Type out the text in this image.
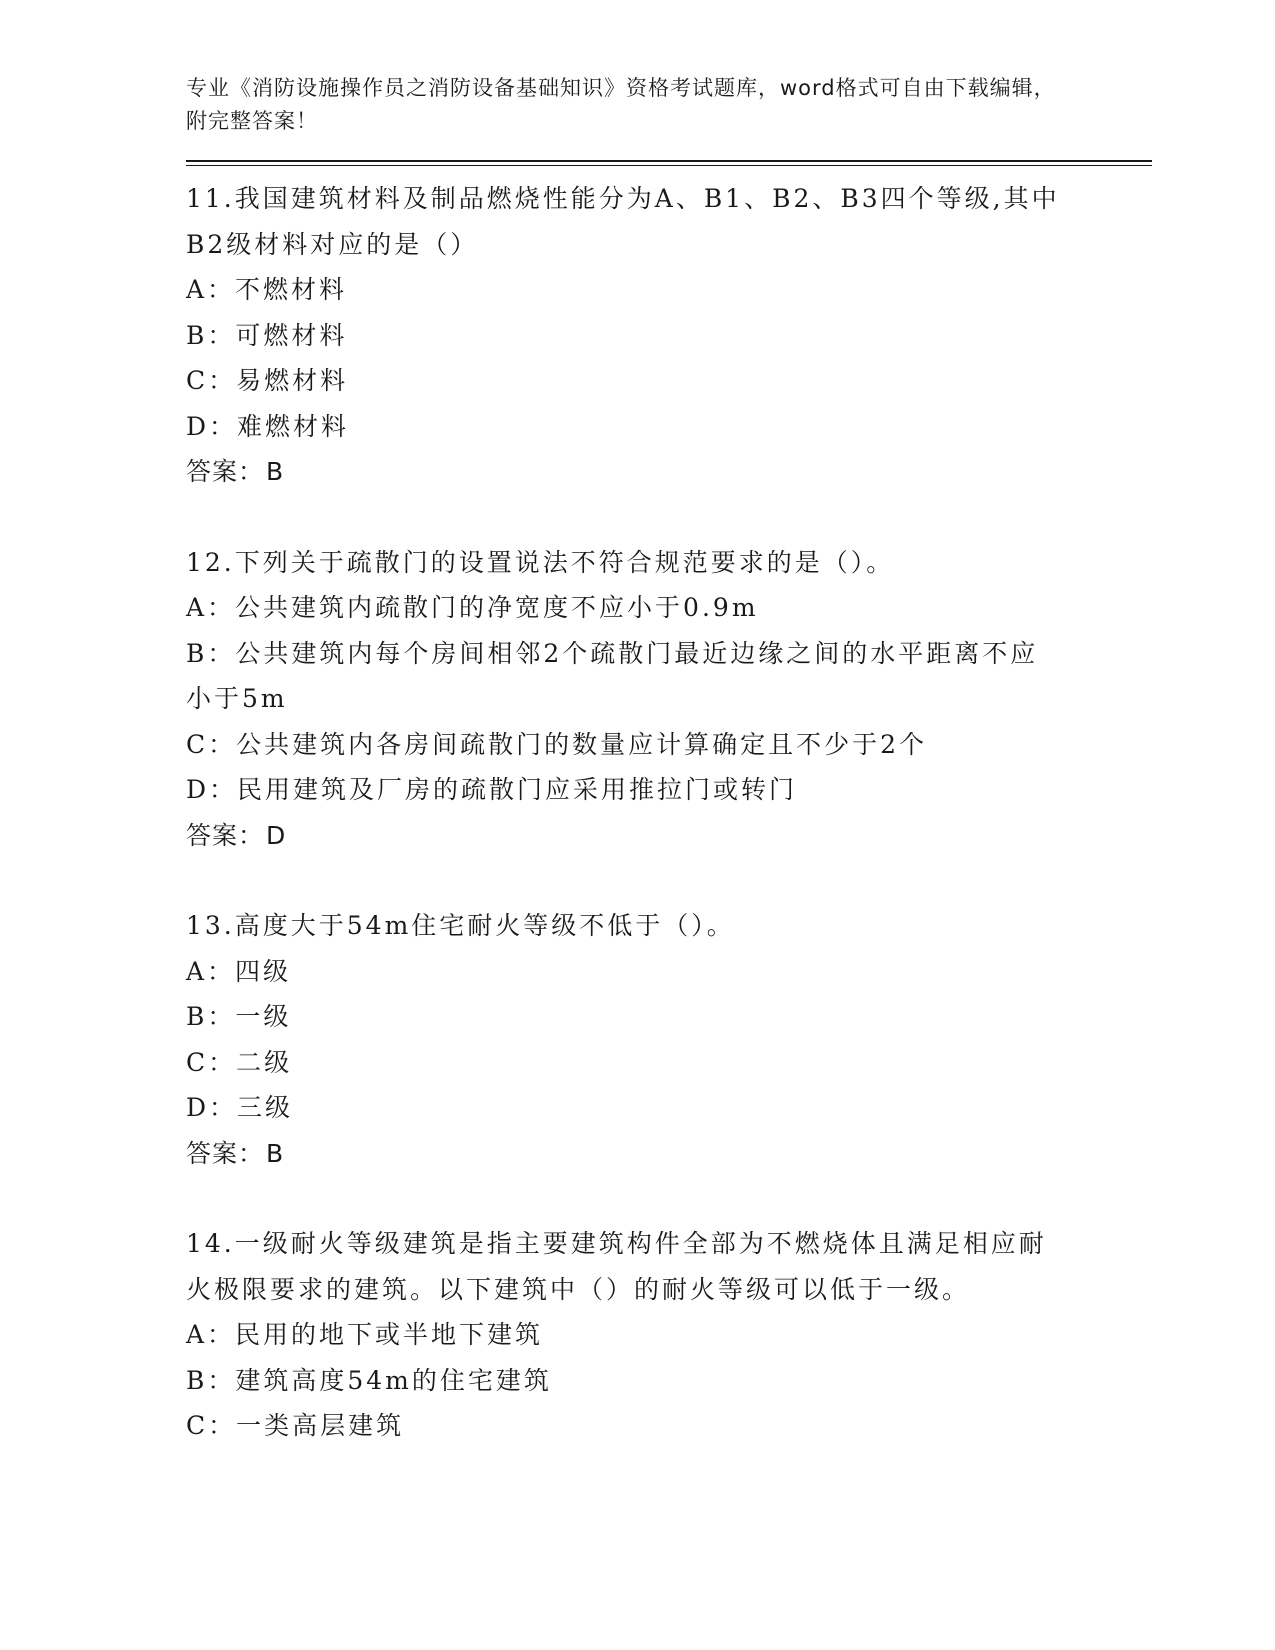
专业《消防设施操作员之消防设备基础知识》资格考试题库，word格式可自由下载编辑，附完整答案！
11.我国建筑材料及制品燃烧性能分为A、B1、B2、B3四个等级,其中B2级材料对应的是（）
A：不燃材料
B：可燃材料
C：易燃材料
D：难燃材料
答案：B
12.下列关于疏散门的设置说法不符合规范要求的是（）。
A：公共建筑内疏散门的净宽度不应小于0.9m
B：公共建筑内每个房间相邻2个疏散门最近边缘之间的水平距离不应小于5m
C：公共建筑内各房间疏散门的数量应计算确定且不少于2个
D：民用建筑及厂房的疏散门应采用推拉门或转门
答案：D
13.高度大于54m住宅耐火等级不低于（）。
A：四级
B：一级
C：二级
D：三级
答案：B
14.一级耐火等级建筑是指主要建筑构件全部为不燃烧体且满足相应耐火极限要求的建筑。以下建筑中（）的耐火等级可以低于一级。
A：民用的地下或半地下建筑
B：建筑高度54m的住宅建筑
C：一类高层建筑
